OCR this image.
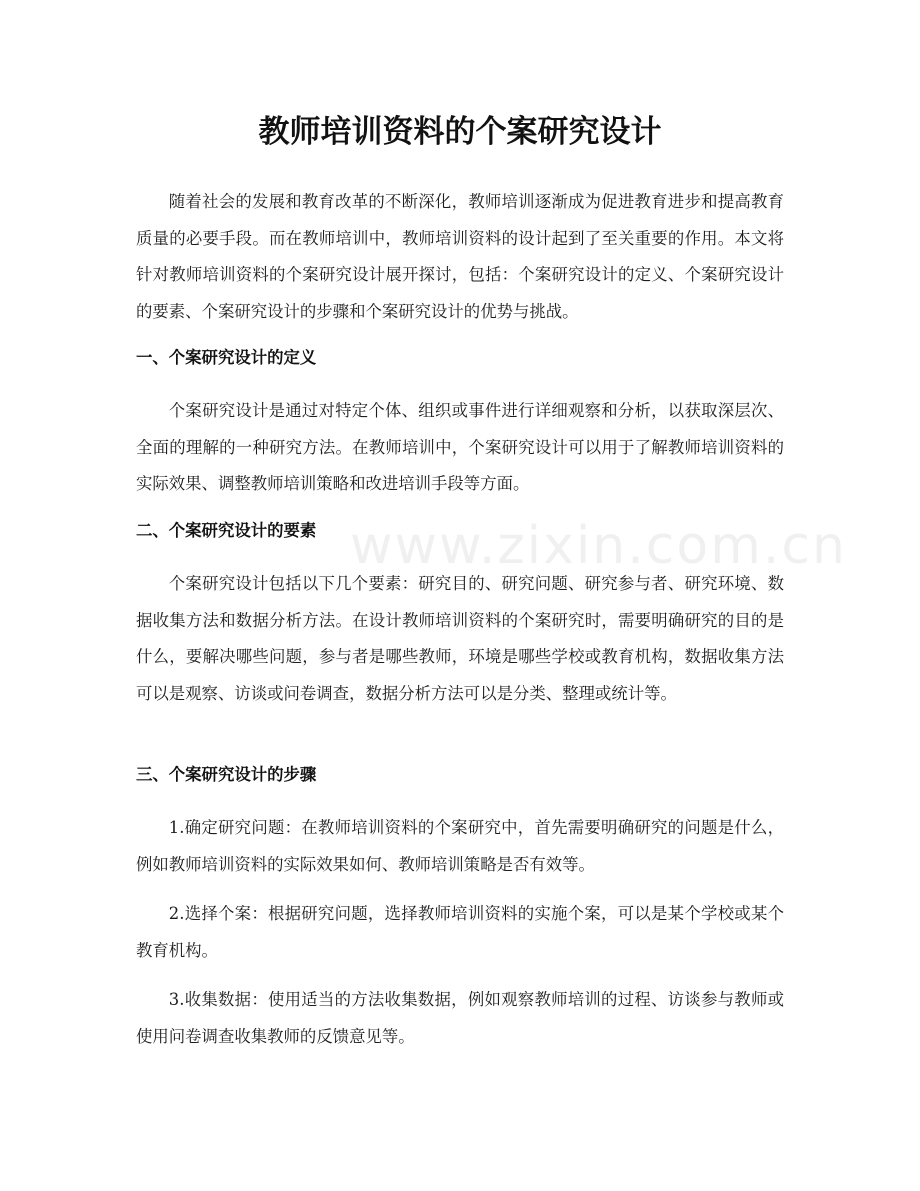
教师培训资料的个案研究设计

随着社会的发展和教育改革的不断深化，教师培训逐渐成为促进教育进步和提高教育质量的必要手段。而在教师培训中，教师培训资料的设计起到了至关重要的作用。本文将针对教师培训资料的个案研究设计展开探讨，包括：个案研究设计的定义、个案研究设计的要素、个案研究设计的步骤和个案研究设计的优势与挑战。

一、个案研究设计的定义

个案研究设计是通过对特定个体、组织或事件进行详细观察和分析，以获取深层次、全面的理解的一种研究方法。在教师培训中，个案研究设计可以用于了解教师培训资料的实际效果、调整教师培训策略和改进培训手段等方面。

二、个案研究设计的要素

个案研究设计包括以下几个要素：研究目的、研究问题、研究参与者、研究环境、数据收集方法和数据分析方法。在设计教师培训资料的个案研究时，需要明确研究的目的是什么，要解决哪些问题，参与者是哪些教师，环境是哪些学校或教育机构，数据收集方法可以是观察、访谈或问卷调查，数据分析方法可以是分类、整理或统计等。

三、个案研究设计的步骤

1.确定研究问题：在教师培训资料的个案研究中，首先需要明确研究的问题是什么，例如教师培训资料的实际效果如何、教师培训策略是否有效等。

2.选择个案：根据研究问题，选择教师培训资料的实施个案，可以是某个学校或某个教育机构。

3.收集数据：使用适当的方法收集数据，例如观察教师培训的过程、访谈参与教师或使用问卷调查收集教师的反馈意见等。

www.zixin.com.cn
